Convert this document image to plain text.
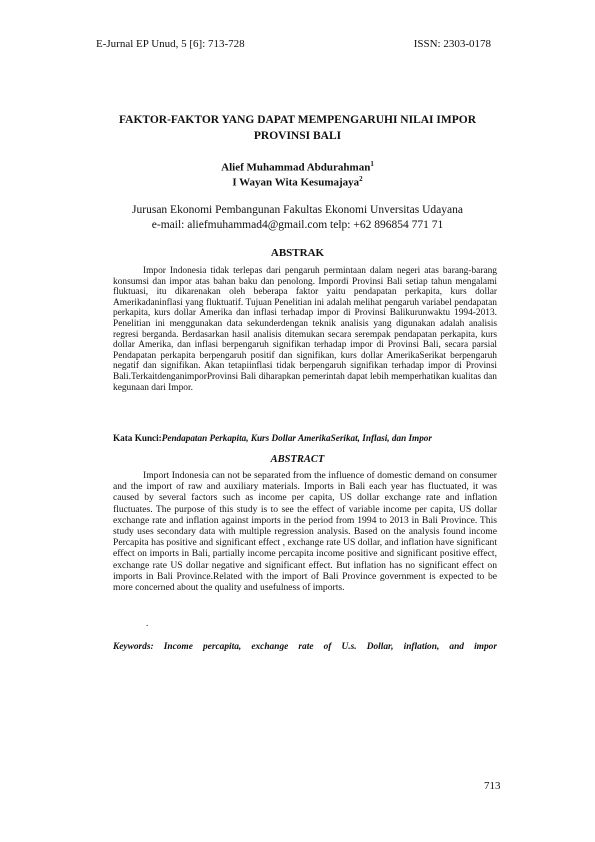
E-Jurnal EP Unud, 5 [6]: 713-728	ISSN: 2303-0178
FAKTOR-FAKTOR YANG DAPAT MEMPENGARUHI NILAI IMPOR
PROVINSI BALI
Alief Muhammad Abdurahman$^1$
I Wayan Wita Kesumajaya$^2$
Jurusan Ekonomi Pembangunan Fakultas Ekonomi Unversitas Udayana
e-mail: aliefmuhammad4@gmail.com telp: +62 896854 771 71
ABSTRAK

Impor Indonesia tidak terlepas dari pengaruh permintaan dalam negeri atas barang-barang konsumsi dan impor atas bahan baku dan penolong. Impordi Provinsi Bali setiap tahun mengalami fluktuasi, itu dikarenakan oleh beberapa faktor yaitu pendapatan perkapita, kurs dollar Amerikadaninflasi yang fluktuatif. Tujuan Penelitian ini adalah melihat pengaruh variabel pendapatan perkapita, kurs dollar Amerika dan inflasi terhadap impor di Provinsi Balikurunwaktu 1994-2013. Penelitian ini menggunakan data sekunderdengan teknik analisis yang digunakan adalah analisis regresi berganda. Berdasarkan hasil analisis ditemukan secara serempak pendapatan perkapita, kurs dollar Amerika, dan inflasi berpengaruh signifikan terhadap impor di Provinsi Bali, secara parsial Pendapatan perkapita berpengaruh positif dan signifikan, kurs dollar AmerikaSerikat berpengaruh negatif dan signifikan. Akan tetapiinflasi tidak berpengaruh signifikan terhadap impor di Provinsi Bali.TerkaitdenganimporProvinsi Bali diharapkan pemerintah dapat lebih memperhatikan kualitas dan kegunaan dari Impor.

Kata Kunci:Pendapatan Perkapita, Kurs Dollar AmerikaSerikat, Inflasi, dan Impor
ABSTRACT

Import Indonesia can not be separated from the influence of domestic demand on consumer and the import of raw and auxiliary materials. Imports in Bali each year has fluctuated, it was caused by several factors such as income per capita, US dollar exchange rate and inflation fluctuates. The purpose of this study is to see the effect of variable income per capita, US dollar exchange rate and inflation against imports in the period from 1994 to 2013 in Bali Province. This study uses secondary data with multiple regression analysis. Based on the analysis found income Percapita has positive and significant effect , exchange rate US dollar, and inflation have significant effect on imports in Bali, partially income percapita income positive and significant positive effect, exchange rate US dollar negative and significant effect. But inflation has no significant effect on imports in Bali Province.Related with the import of Bali Province government is expected to be more concerned about the quality and usefulness of imports.

.
Keywords: Income percapita, exchange rate of U.s. Dollar, inflation, and impor
713
